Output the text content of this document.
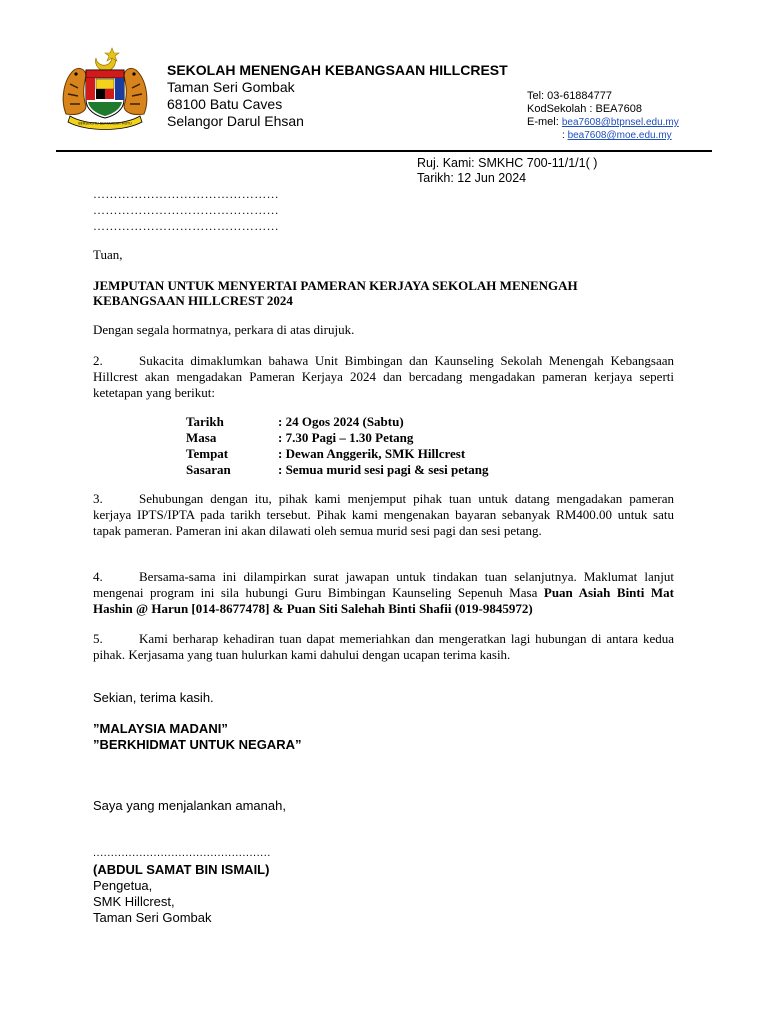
BERSEKUTU BERTAMBAH MUTU
SEKOLAH MENENGAH KEBANGSAAN HILLCREST
Taman Seri Gombak
68100 Batu Caves
Selangor Darul Ehsan
Tel: 03-61884777
KodSekolah : BEA7608
E-mel: bea7608@btpnsel.edu.my
: bea7608@moe.edu.my
Ruj. Kami: SMKHC 700-11/1/1( )
Tarikh: 12 Jun 2024
………………………………………
………………………………………
………………………………………
Tuan,
JEMPUTAN UNTUK MENYERTAI PAMERAN KERJAYA SEKOLAH MENENGAH
KEBANGSAAN HILLCREST 2024
Dengan segala hormatnya, perkara di atas dirujuk.
2.	Sukacita dimaklumkan bahawa Unit Bimbingan dan Kaunseling Sekolah Menengah Kebangsaan Hillcrest akan mengadakan Pameran Kerjaya 2024 dan bercadang mengadakan pameran kerjaya seperti ketetapan yang berikut:
Tarikh	: 24 Ogos 2024 (Sabtu)
Masa	: 7.30 Pagi – 1.30 Petang
Tempat	: Dewan Anggerik, SMK Hillcrest
Sasaran	: Semua murid sesi pagi & sesi petang
3.	Sehubungan dengan itu, pihak kami menjemput pihak tuan untuk datang mengadakan pameran kerjaya IPTS/IPTA pada tarikh tersebut. Pihak kami mengenakan bayaran sebanyak RM400.00 untuk satu tapak pameran. Pameran ini akan dilawati oleh semua murid sesi pagi dan sesi petang.
4.	Bersama-sama ini dilampirkan surat jawapan untuk tindakan tuan selanjutnya. Maklumat lanjut mengenai program ini sila hubungi Guru Bimbingan Kaunseling Sepenuh Masa Puan Asiah Binti Mat Hashin @ Harun [014-8677478] & Puan Siti Salehah Binti Shafii (019-9845972)
5.	Kami berharap kehadiran tuan dapat memeriahkan dan mengeratkan lagi hubungan di antara kedua pihak. Kerjasama yang tuan hulurkan kami dahului dengan ucapan terima kasih.
Sekian, terima kasih.
”MALAYSIA MADANI”
”BERKHIDMAT UNTUK NEGARA”
Saya yang menjalankan amanah,
..................................................
(ABDUL SAMAT BIN ISMAIL)
Pengetua,
SMK Hillcrest,
Taman Seri Gombak
